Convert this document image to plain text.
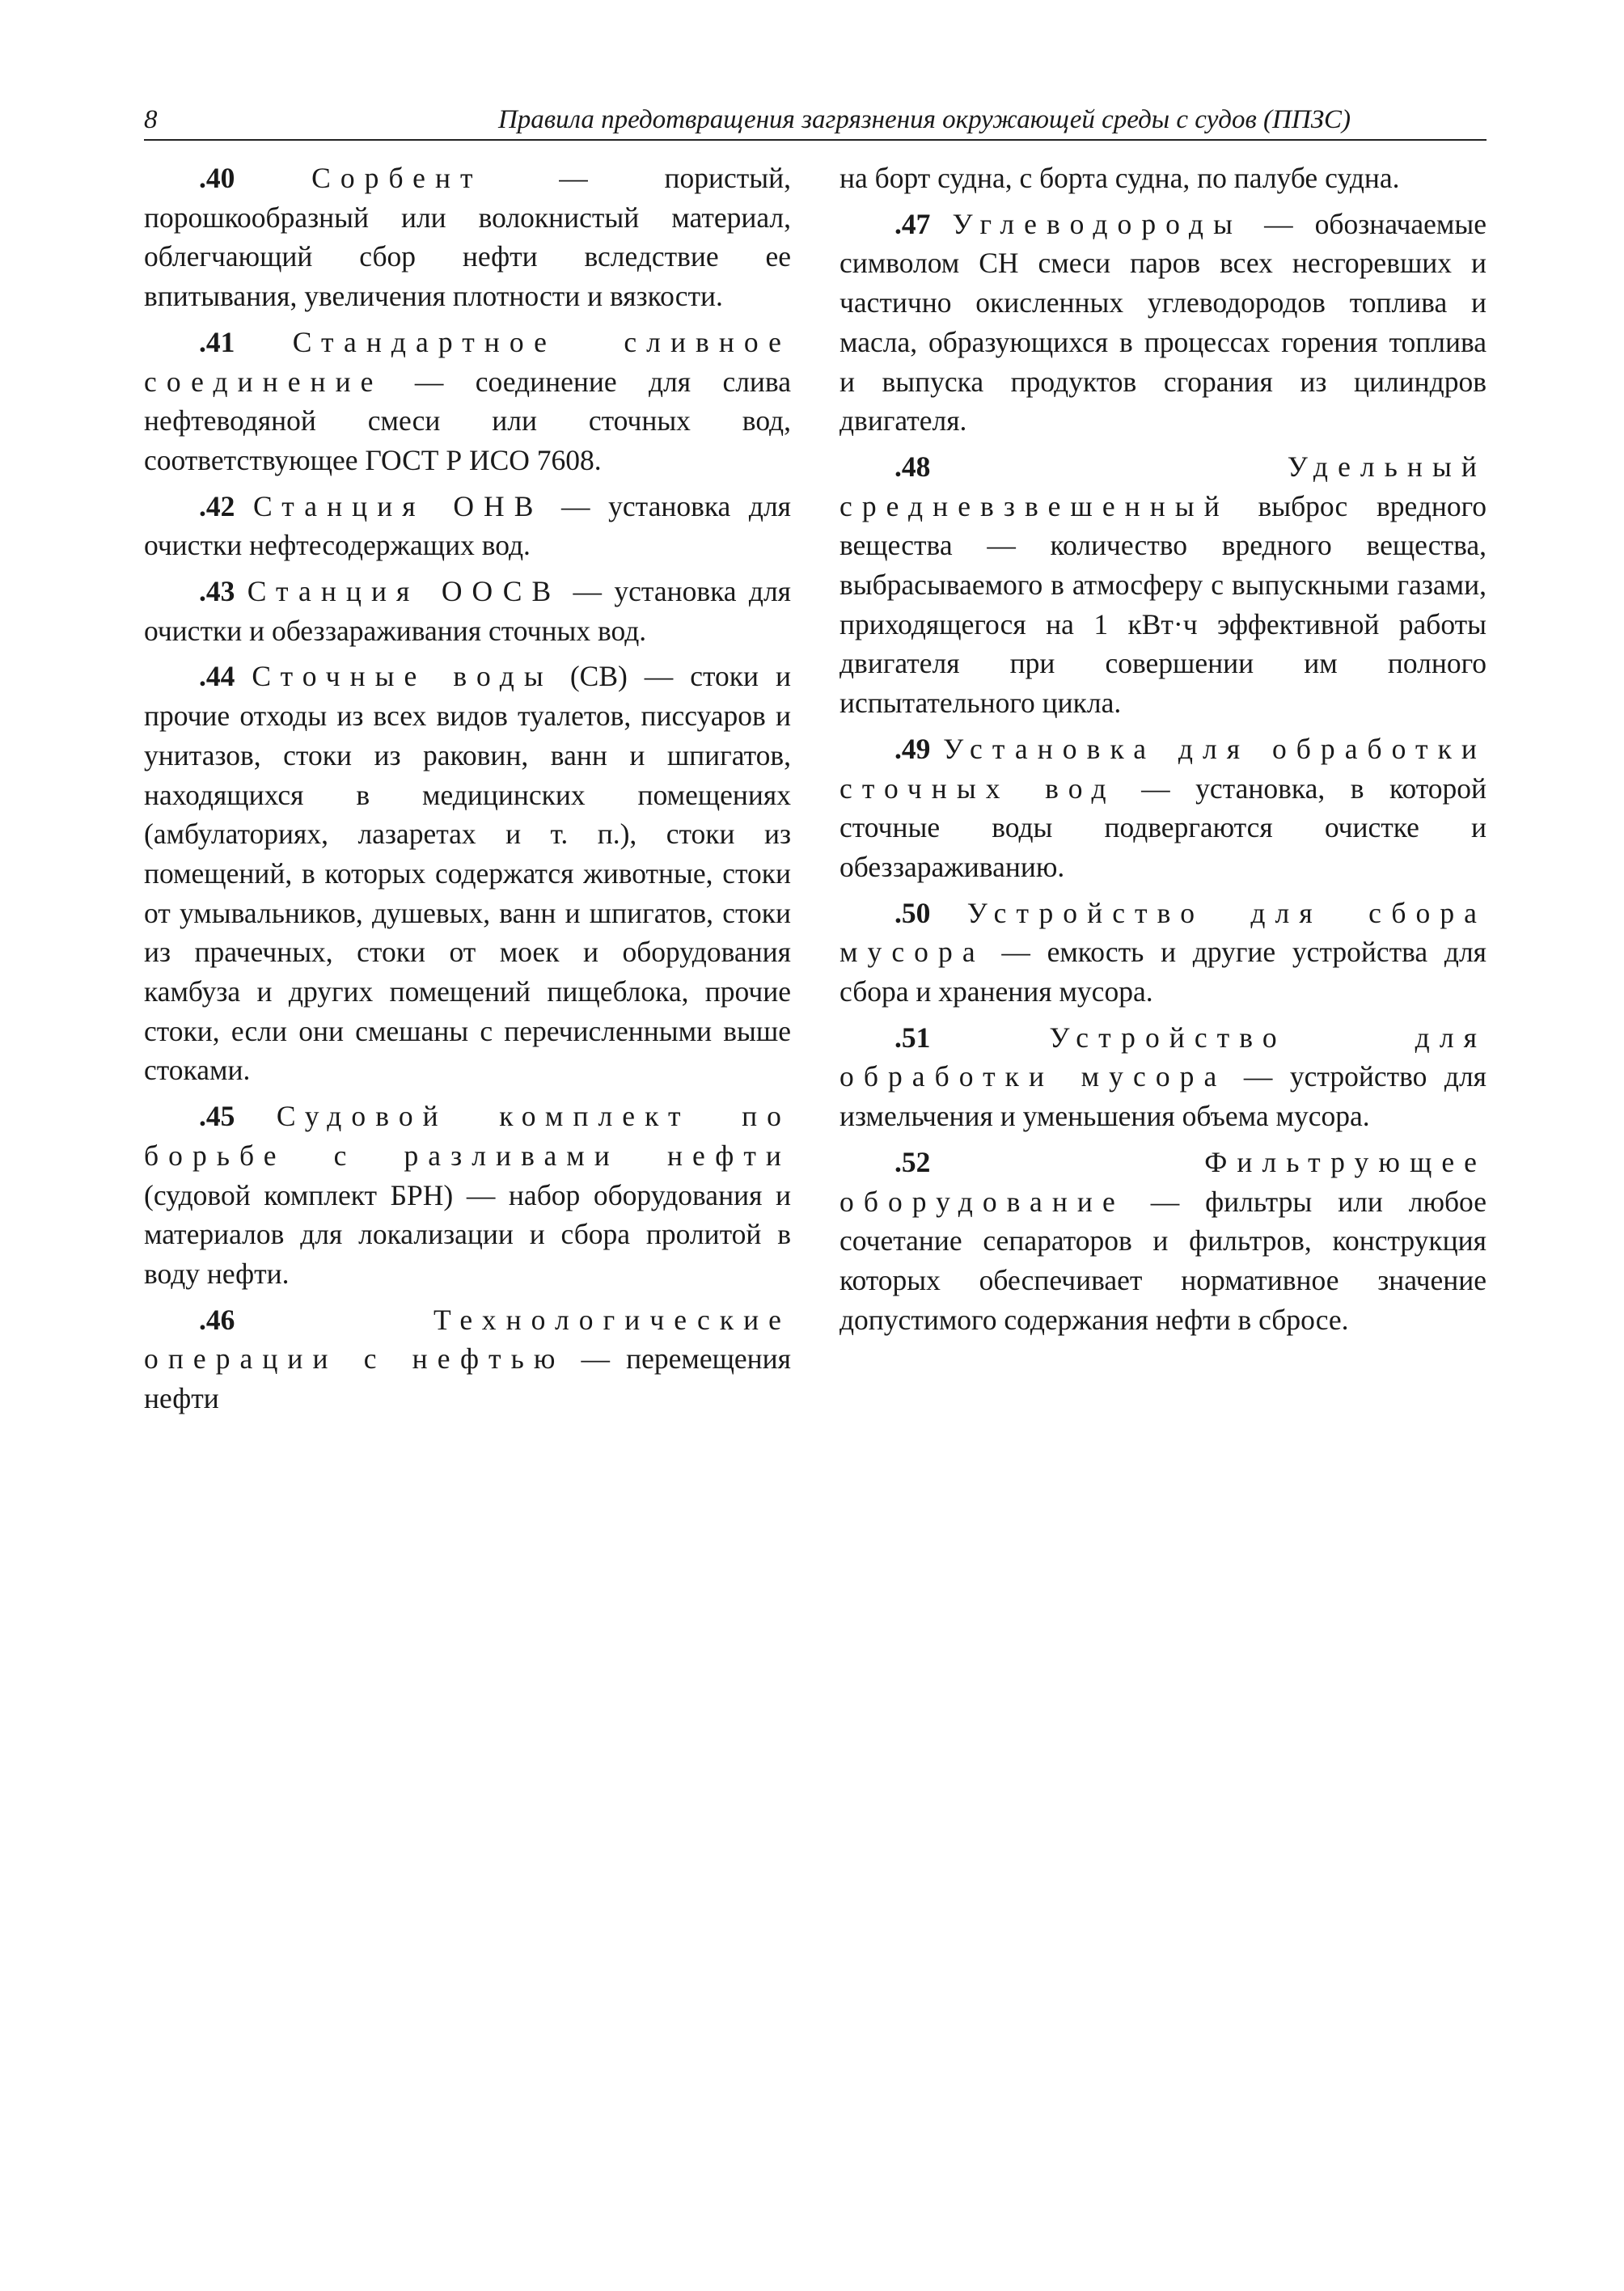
8	Правила предотвращения загрязнения окружающей среды с судов (ППЗС)

.40	Сорбент — пористый, порошкообразный или волокнистый материал, облегчающий сбор нефти вследствие ее впитывания, увеличения плотности и вязкости.

.41 Стандартное сливное соединение — соединение для слива нефтеводяной смеси или сточных вод, соответствующее ГОСТ Р ИСО 7608.

.42 Станция ОНВ — установка для очистки нефтесодержащих вод.

.43 Станция ООСВ — установка для очистки и обеззараживания сточных вод.

.44 Сточные воды (СВ) — стоки и прочие отходы из всех видов туалетов, писсуаров и унитазов, стоки из раковин, ванн и шпигатов, находящихся в медицинских помещениях (амбулаториях, лазаретах и т. п.), стоки из помещений, в которых содержатся животные, стоки от умывальников, душевых, ванн и шпигатов, стоки из прачечных, стоки от моек и оборудования камбуза и других помещений пищеблока, прочие стоки, если они смешаны с перечисленными выше стоками.

.45 Судовой комплект по борьбе с разливами нефти (судовой комплект БРН) — набор оборудования и материалов для локализации и сбора пролитой в воду нефти.

.46	Технологические операции с нефтью — перемещения нефти

на борт судна, с борта судна, по палубе судна.

.47 Углеводороды — обозначаемые символом СН смеси паров всех несгоревших и частично окисленных углеводородов топлива и масла, образующихся в процессах горения топлива и выпуска продуктов сгорания из цилиндров двигателя.

.48	Удельный средневзвешенный выброс вредного вещества — количество вредного вещества, выбрасываемого в атмосферу с выпускными газами, приходящегося на 1 кВт·ч эффективной работы двигателя при совершении им полного испытательного цикла.

.49 Установка для обработки сточных вод — установка, в которой сточные воды подвергаются очистке и обеззараживанию.

.50 Устройство для сбора мусора — емкость и другие устройства для сбора и хранения мусора.

.51	Устройство для обработки мусора — устройство для измельчения и уменьшения объема мусора.

.52	Фильтрующее оборудование — фильтры или любое сочетание сепараторов и фильтров, конструкция которых обеспечивает нормативное значение допустимого содержания нефти в сбросе.
